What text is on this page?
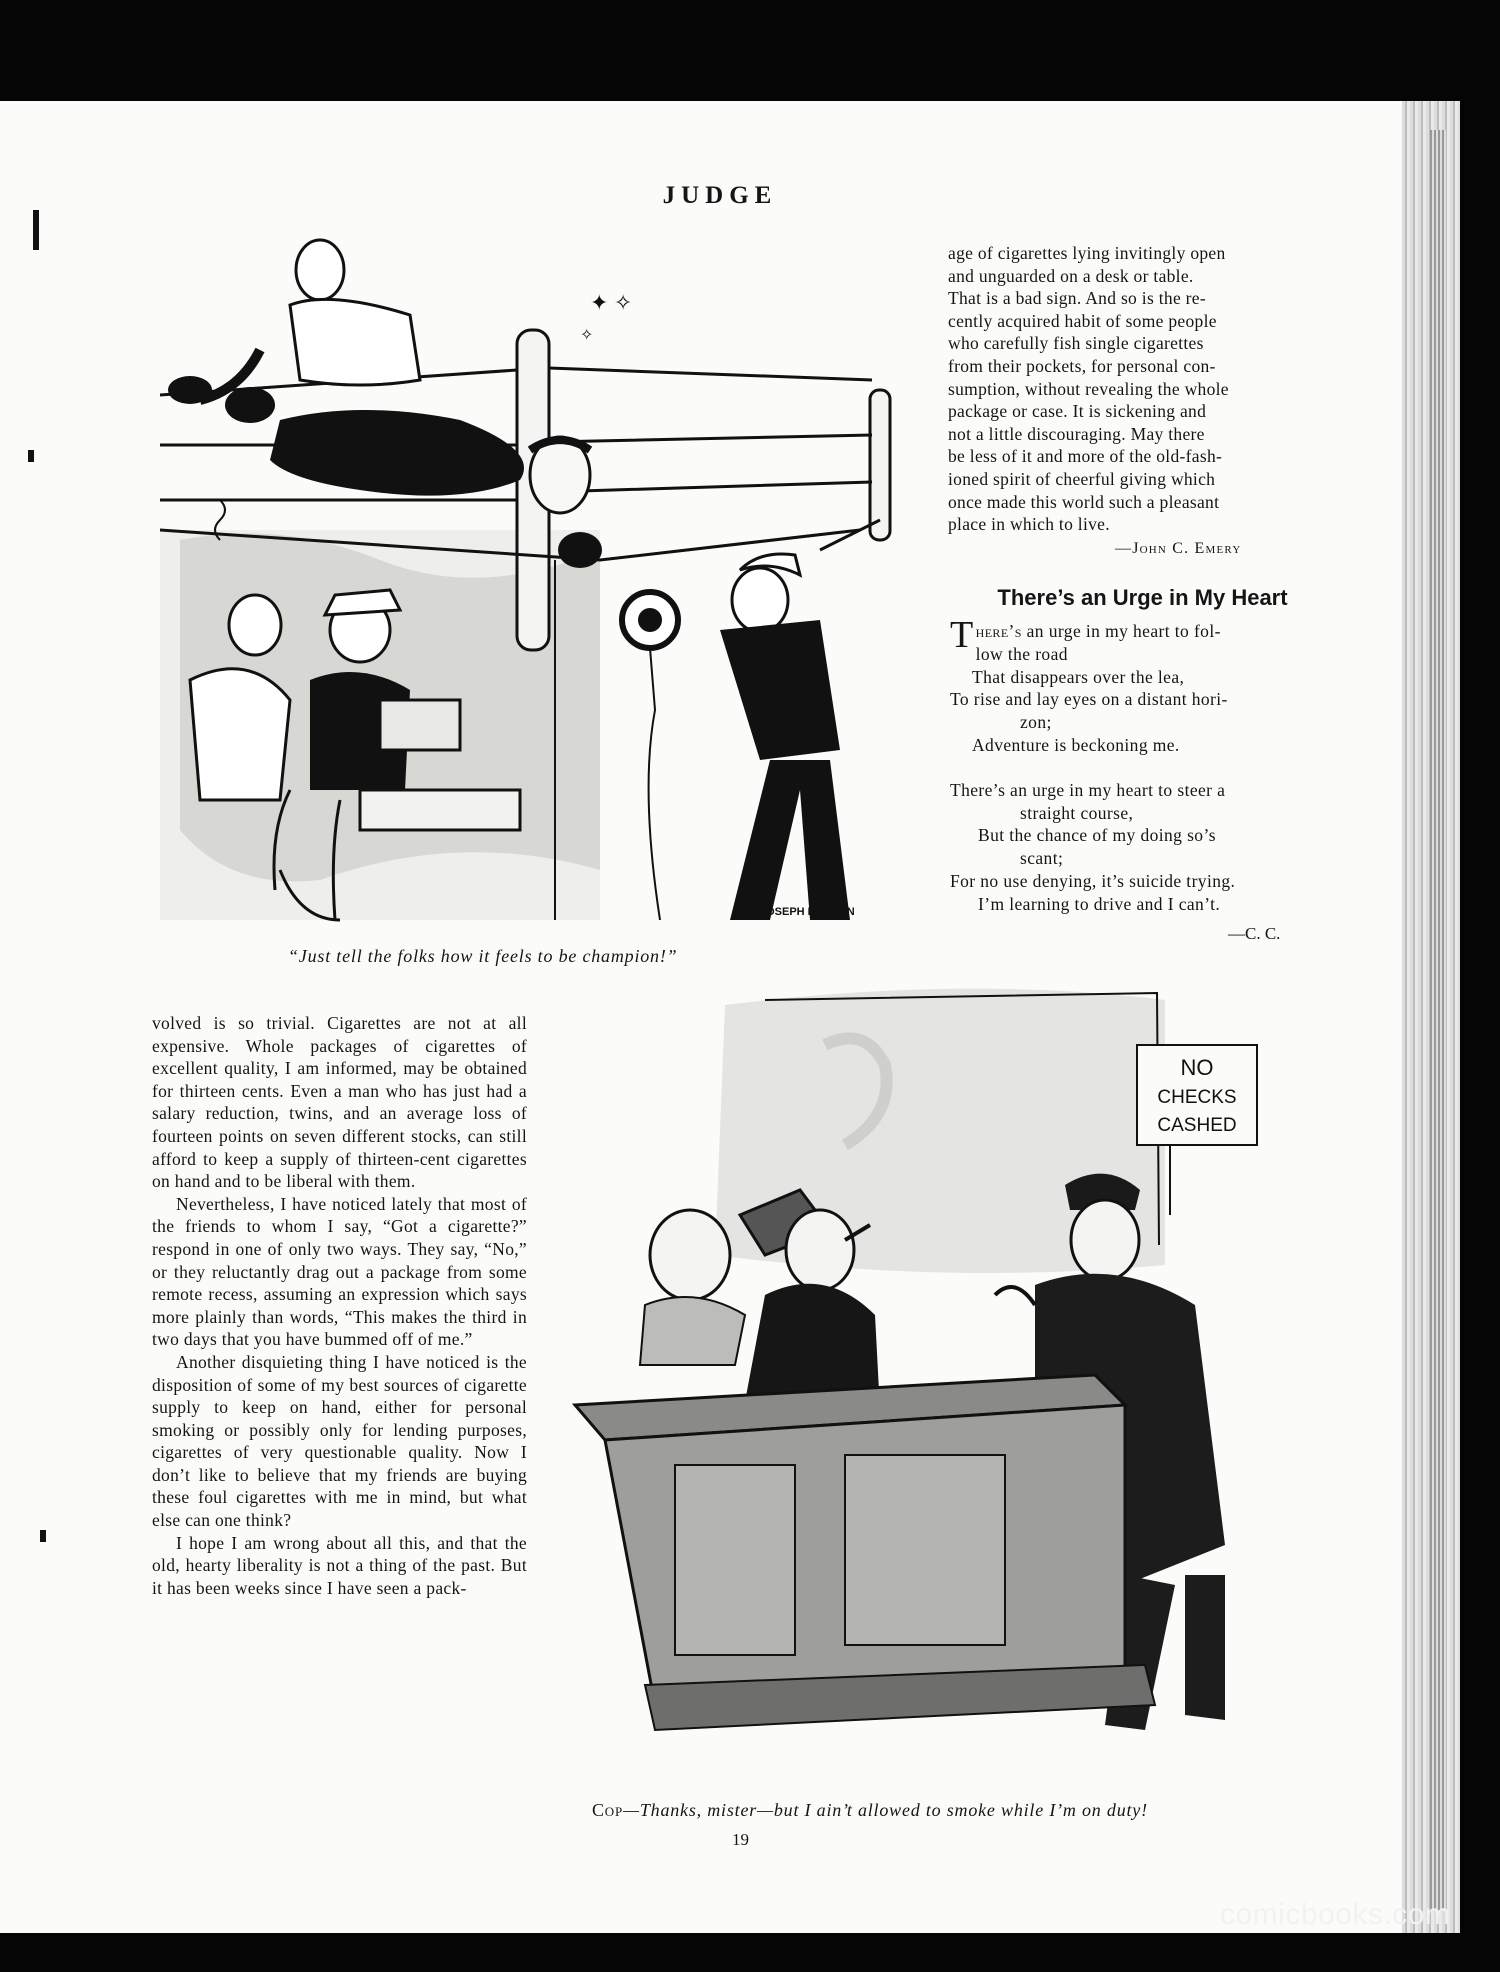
JUDGE
✦ ✧
✧
JOSEPH MOLLAN
“Just tell the folks how it feels to be champion!”
age of cigarettes lying invitingly open
and unguarded on a desk or table.
That is a bad sign. And so is the re-
cently acquired habit of some people
who carefully fish single cigarettes
from their pockets, for personal con-
sumption, without revealing the whole
package or case. It is sickening and
not a little discouraging. May there
be less of it and more of the old-fash-
ioned spirit of cheerful giving which
once made this world such a pleasant
place in which to live.
—John C. Emery
There’s an Urge in My Heart
There’s an urge in my heart to fol-
low the road
That disappears over the lea,
To rise and lay eyes on a distant hori-
zon;
Adventure is beckoning me.
There’s an urge in my heart to steer a
straight course,
But the chance of my doing so’s
scant;
For no use denying, it’s suicide trying.
I’m learning to drive and I can’t.
—C. C.

volved is so trivial. Cigarettes are not at all expensive. Whole packages of cigarettes of excellent quality, I am informed, may be obtained for thirteen cents. Even a man who has just had a salary reduction, twins, and an average loss of fourteen points on seven different stocks, can still afford to keep a supply of thirteen-cent cigarettes on hand and to be liberal with them.

Nevertheless, I have noticed lately that most of the friends to whom I say, “Got a cigarette?” respond in one of only two ways. They say, “No,” or they reluctantly drag out a package from some remote recess, assuming an expression which says more plainly than words, “This makes the third in two days that you have bummed off of me.”

Another disquieting thing I have noticed is the disposition of some of my best sources of cigarette supply to keep on hand, either for personal smoking or possibly only for lending purposes, cigarettes of very questionable quality. Now I don’t like to believe that my friends are buying these foul cigarettes with me in mind, but what else can one think?

I hope I am wrong about all this, and that the old, hearty liberality is not a thing of the past. But it has been weeks since I have seen a pack-

NO
CHECKS
CASHED
Cop—Thanks, mister—but I ain’t allowed to smoke while I’m on duty!
19
comicbooks.com
